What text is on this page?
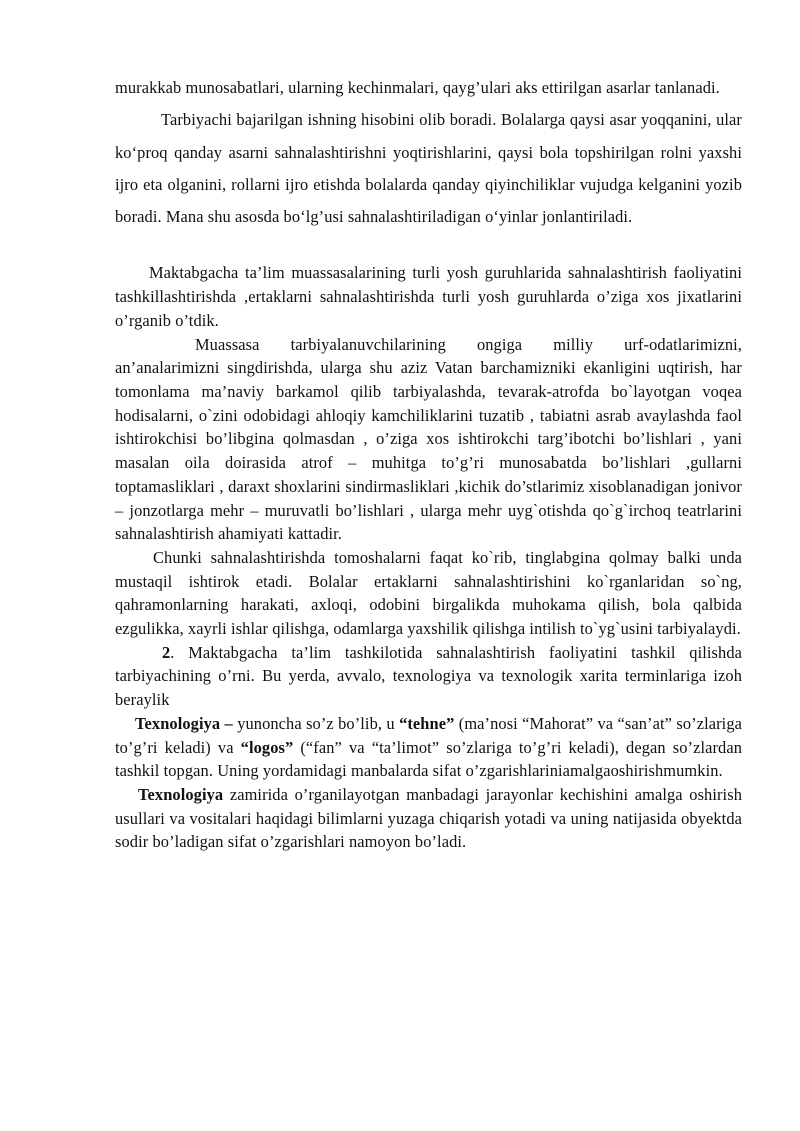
murakkab munosabatlari, ularning kechinmalari, qayg’ulari aks ettirilgan asarlar tanlanadi.

Tarbiyachi bajarilgan ishning hisobini olib boradi. Bolalarga qaysi asar yoqqanini, ular ko‘proq qanday asarni sahnalashtirishni yoqtirishlarini, qaysi bola topshirilgan rolni yaxshi ijro eta olganini, rollarni ijro etishda bolalarda qanday qiyinchiliklar vujudga kelganini yozib boradi. Mana shu asosda bo‘lg’usi sahnalashtiriladigan o‘yinlar jonlantiriladi.

Maktabgacha ta’lim muassasalarining turli yosh guruhlarida sahnalashtirish faoliyatini tashkillashtirishda ,ertaklarni sahnalashtirishda turli yosh guruhlarda o’ziga xos jixatlarini o’rganib o’tdik.

Muassasa tarbiyalanuvchilarining ongiga milliy urf-odatlarimizni, an’analarimizni singdirishda, ularga shu aziz Vatan barchamizniki ekanligini uqtirish, har tomonlama ma’naviy barkamol qilib tarbiyalashda, tevarak-atrofda bo`layotgan voqea hodisalarni, o`zini odobidagi ahloqiy kamchiliklarini tuzatib , tabiatni asrab avaylashda faol ishtirokchisi bo’libgina qolmasdan , o’ziga xos ishtirokchi targ’ibotchi bo’lishlari , yani masalan oila doirasida atrof – muhitga to’g’ri munosabatda bo’lishlari ,gullarni toptamasliklari , daraxt shoxlarini sindirmasliklari ,kichik do’stlarimiz xisoblanadigan jonivor – jonzotlarga mehr – muruvatli bo’lishlari , ularga mehr uyg`otishda qo`g`irchoq teatrlarini sahnalashtirish ahamiyati kattadir.

Chunki sahnalashtirishda tomoshalarni faqat ko`rib, tinglabgina qolmay balki unda mustaqil ishtirok etadi. Bolalar ertaklarni sahnalashtirishini ko`rganlaridan so`ng, qahramonlarning harakati, axloqi, odobini birgalikda muhokama qilish, bola qalbida ezgulikka, xayrli ishlar qilishga, odamlarga yaxshilik qilishga intilish to`yg`usini tarbiyalaydi.

2. Maktabgacha ta’lim tashkilotida sahnalashtirish faoliyatini tashkil qilishda tarbiyachining o’rni. Bu yerda, avvalo, texnologiya va texnologik xarita terminlariga izoh beraylik

Texnologiya – yunoncha so’z bo’lib, u “tehne” (ma’nosi “Mahorat” va “san’at” so’zlariga to’g’ri keladi) va “logos” (“fan” va “ta’limot” so’zlariga to’g’ri keladi), degan so’zlardan tashkil topgan. Uning yordamidagi manbalarda sifat o’zgarishlariniamalgaoshirishmumkin.

Texnologiya zamirida o’rganilayotgan manbadagi jarayonlar kechishini amalga oshirish usullari va vositalari haqidagi bilimlarni yuzaga chiqarish yotadi va uning natijasida obyektda sodir bo’ladigan sifat o’zgarishlari namoyon bo’ladi.
